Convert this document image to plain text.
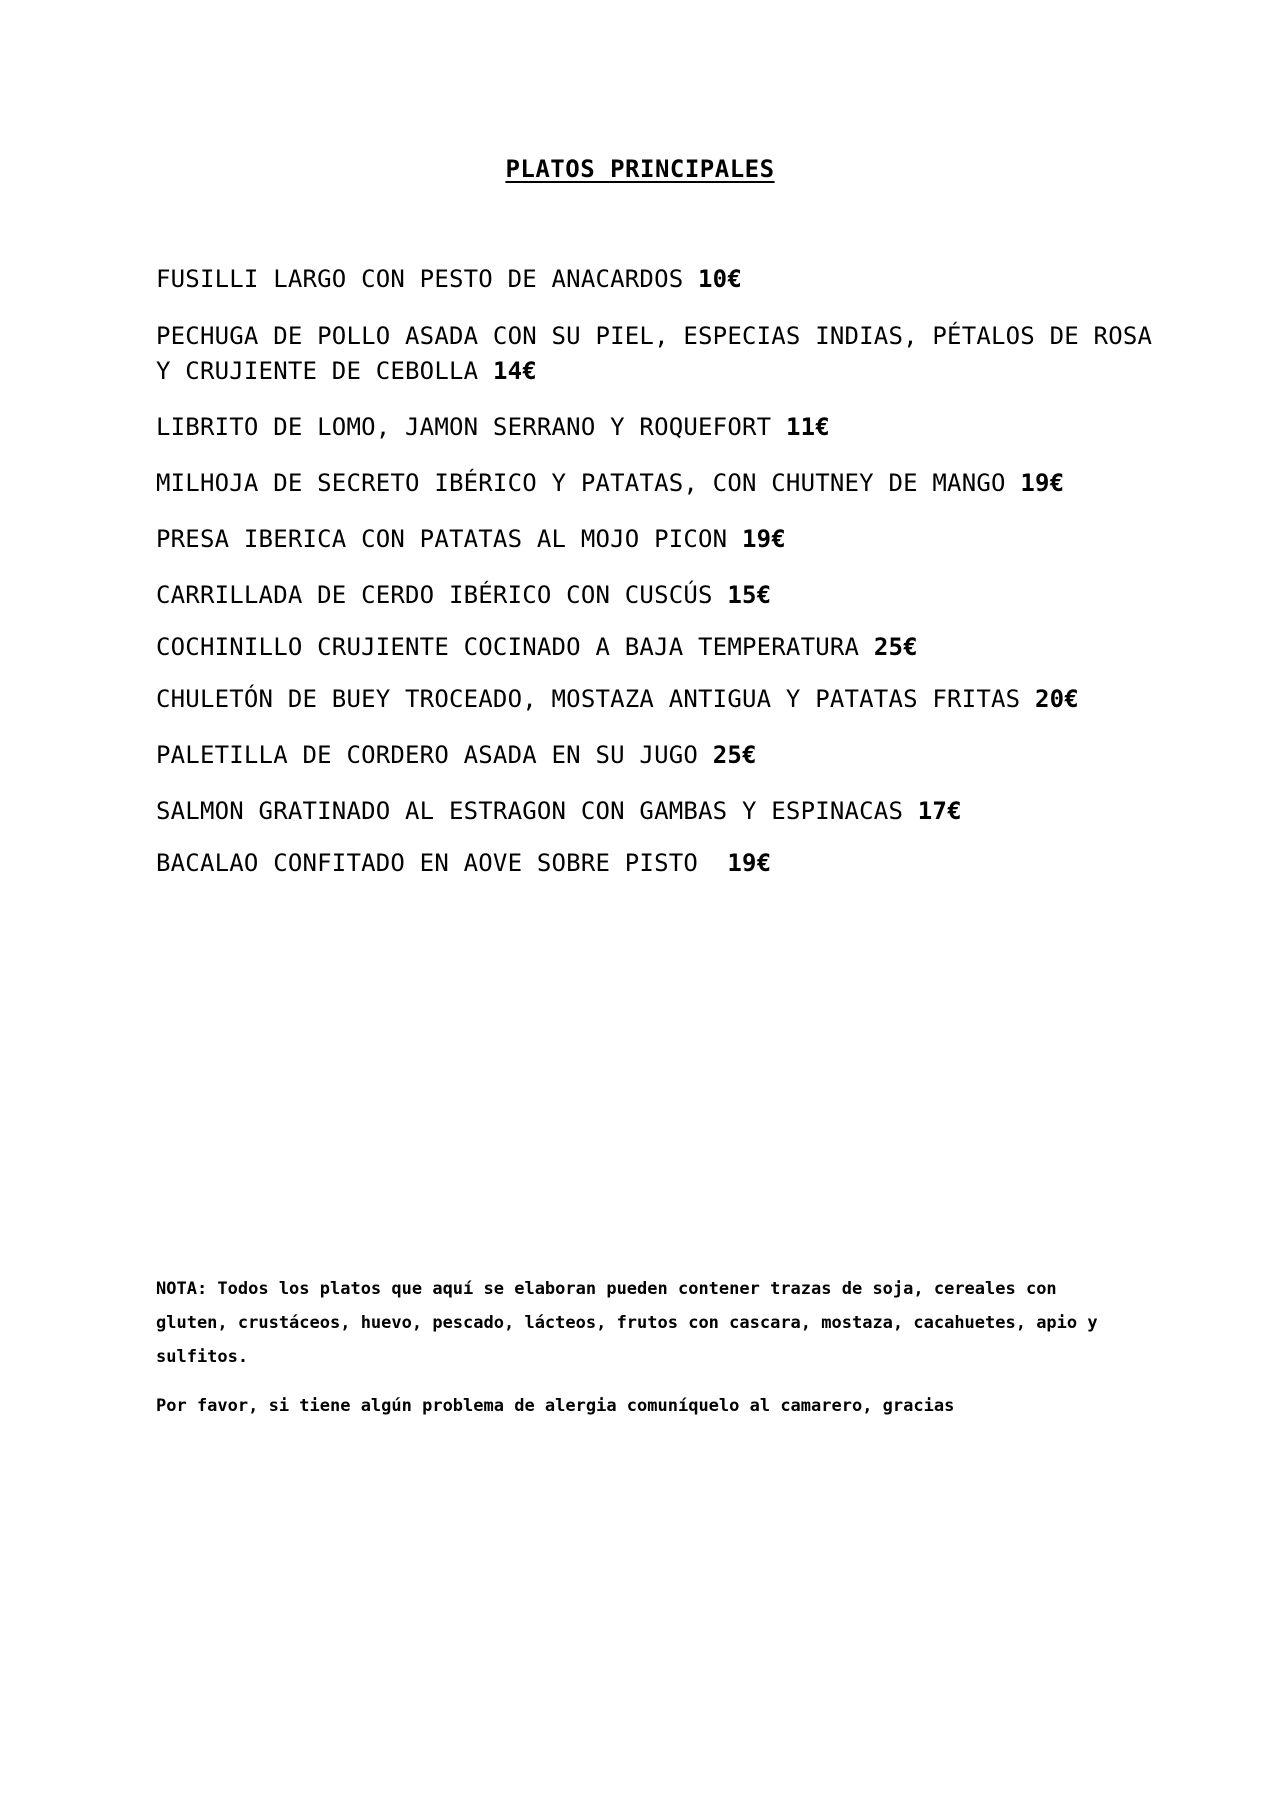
PLATOS PRINCIPALES
FUSILLI LARGO CON PESTO DE ANACARDOS 10€
PECHUGA DE POLLO ASADA CON SU PIEL, ESPECIAS INDIAS, PÉTALOS DE ROSA Y CRUJIENTE DE CEBOLLA 14€
LIBRITO DE LOMO, JAMON SERRANO Y ROQUEFORT 11€
MILHOJA DE SECRETO IBÉRICO Y PATATAS, CON CHUTNEY DE MANGO 19€
PRESA IBERICA CON PATATAS AL MOJO PICON 19€
CARRILLADA DE CERDO IBÉRICO CON CUSCÚS 15€
COCHINILLO CRUJIENTE COCINADO A BAJA TEMPERATURA 25€
CHULETÓN DE BUEY TROCEADO, MOSTAZA ANTIGUA Y PATATAS FRITAS 20€
PALETILLA DE CORDERO ASADA EN SU JUGO 25€
SALMON GRATINADO AL ESTRAGON CON GAMBAS Y ESPINACAS 17€
BACALAO CONFITADO EN AOVE SOBRE PISTO  19€

NOTA: Todos los platos que aquí se elaboran pueden contener trazas de soja, cereales con gluten, crustáceos, huevo, pescado, lácteos, frutos con cascara, mostaza, cacahuetes, apio y sulfitos.

Por favor, si tiene algún problema de alergia comuníquelo al camarero, gracias
